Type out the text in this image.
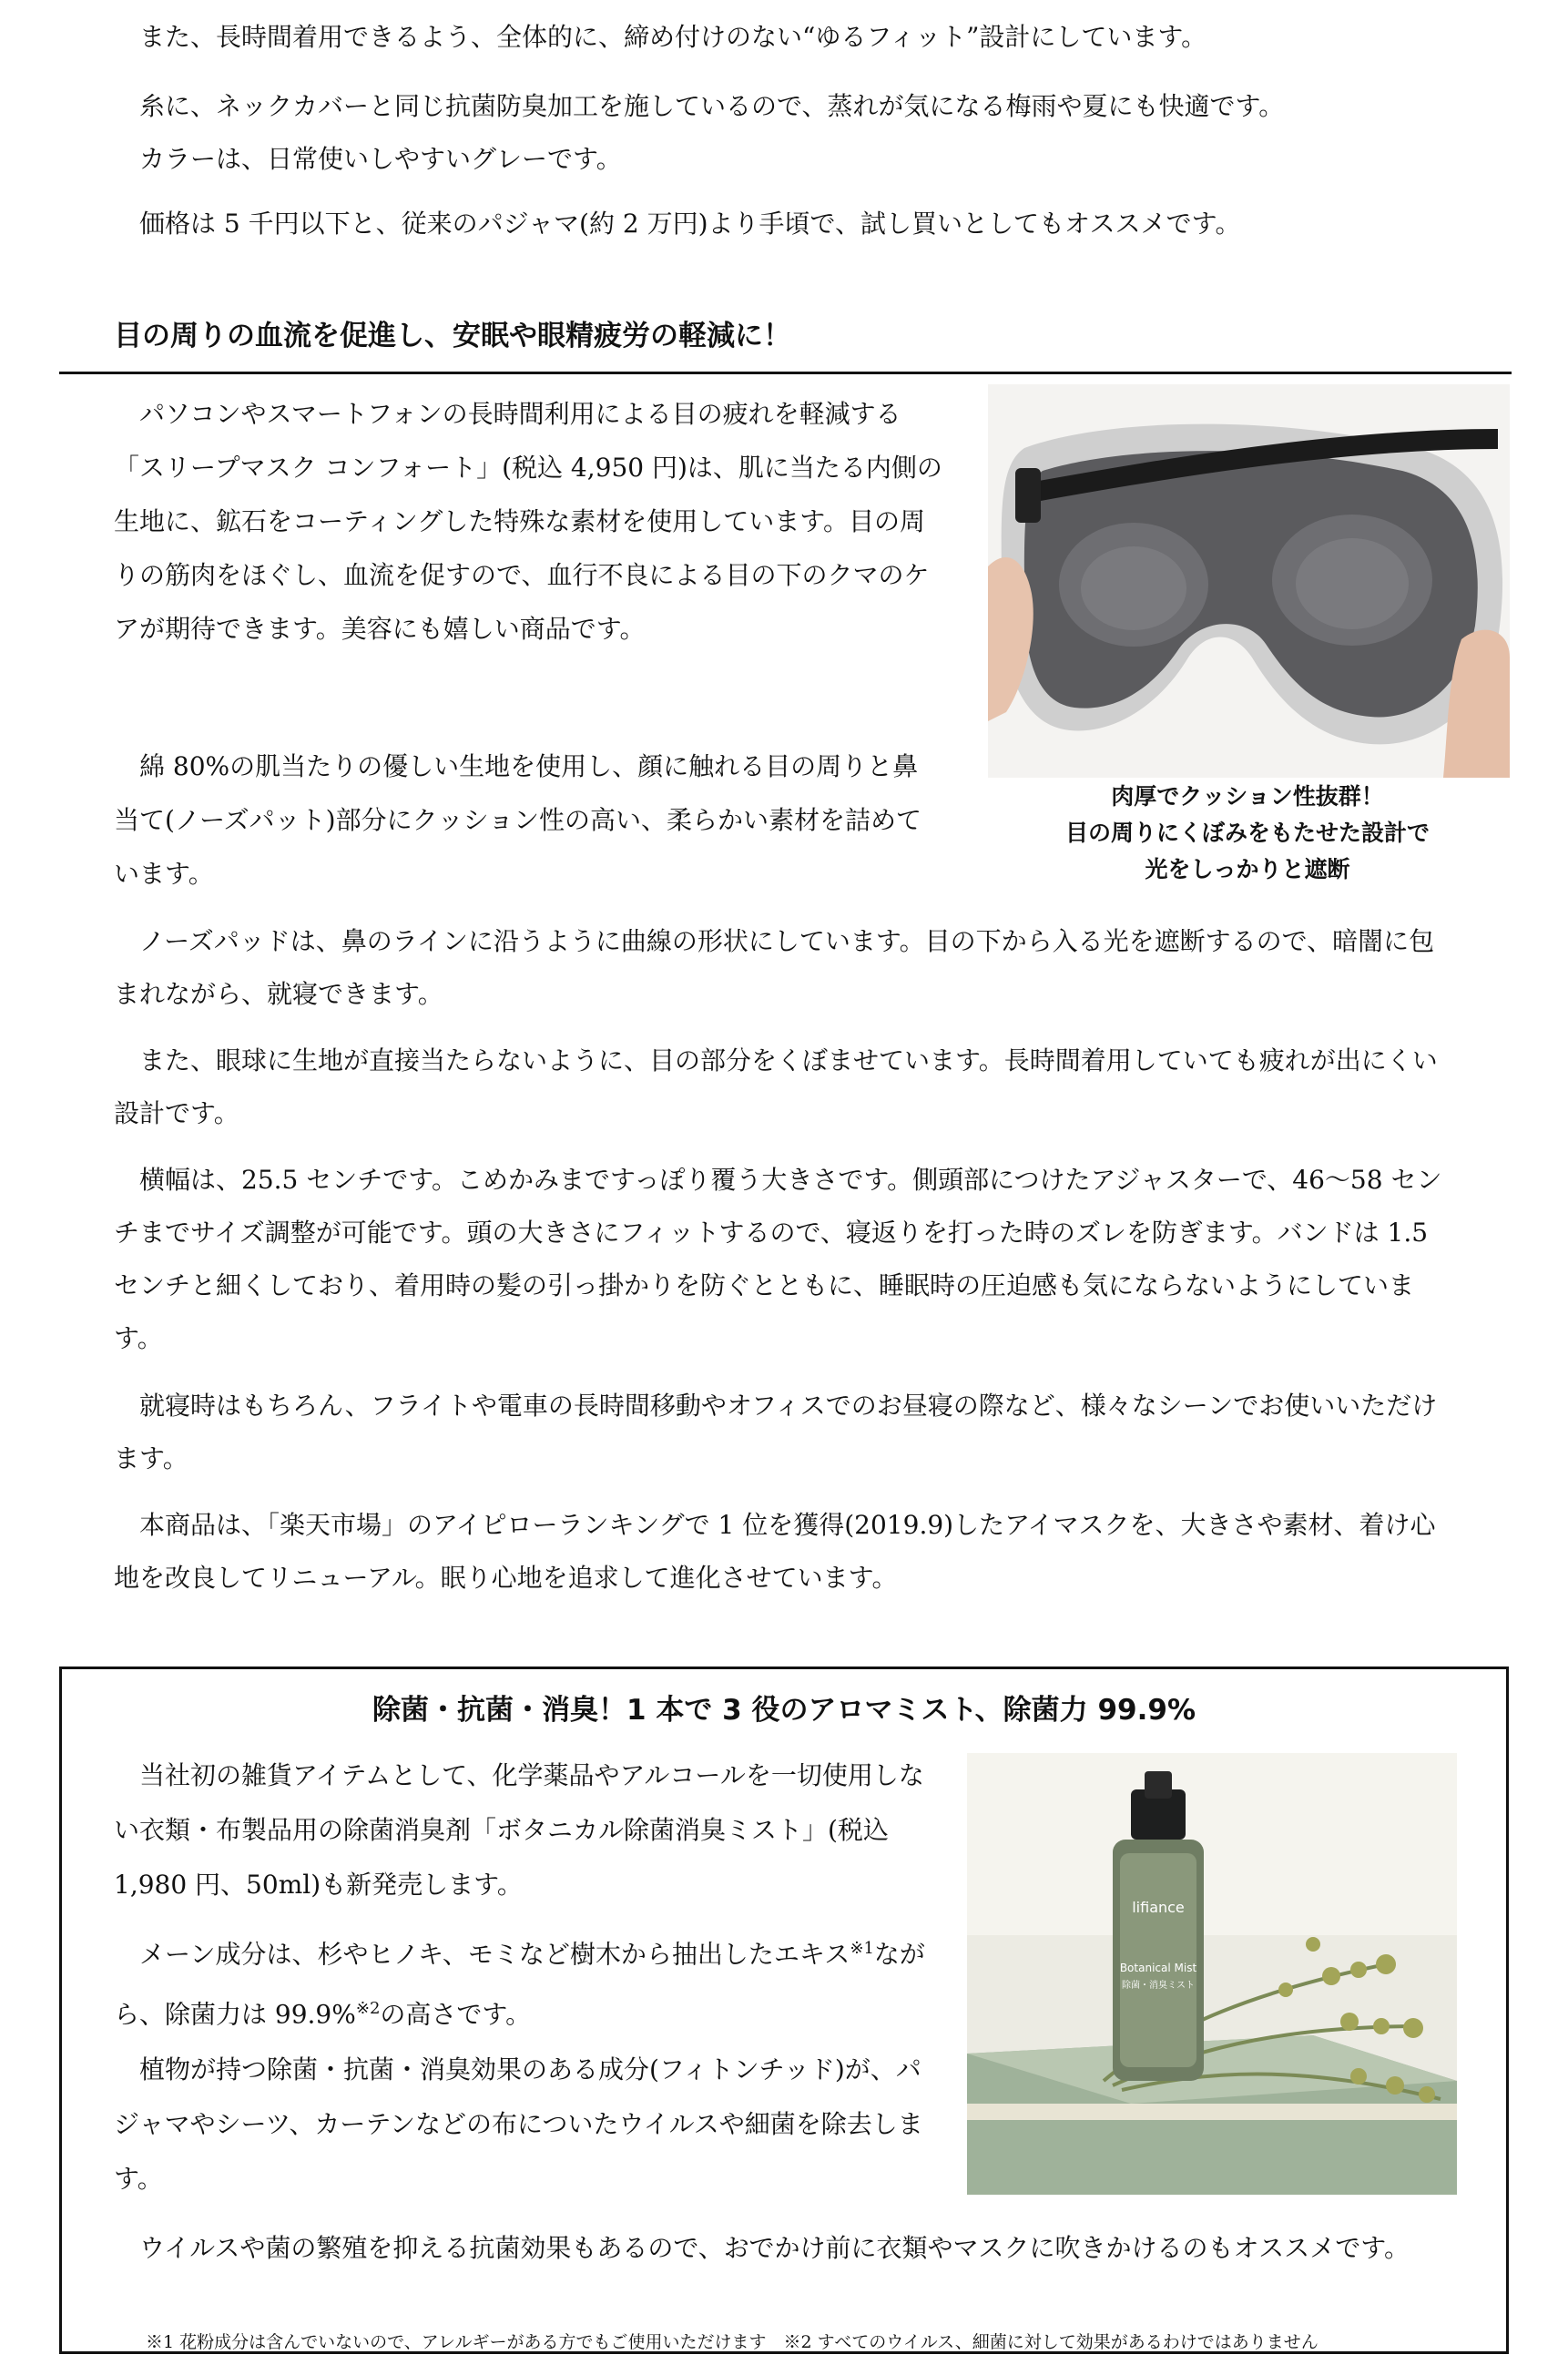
また、長時間着用できるよう、全体的に、締め付けのない“ゆるフィット”設計にしています。

糸に、ネックカバーと同じ抗菌防臭加工を施しているので、蒸れが気になる梅雨や夏にも快適です。

カラーは、日常使いしやすいグレーです。

価格は 5 千円以下と、従来のパジャマ(約 2 万円)より手頃で、試し買いとしてもオススメです。

目の周りの血流を促進し、安眠や眼精疲労の軽減に！

パソコンやスマートフォンの長時間利用による目の疲れを軽減する「スリープマスク コンフォート」(税込 4,950 円)は、肌に当たる内側の生地に、鉱石をコーティングした特殊な素材を使用しています。目の周りの筋肉をほぐし、血流を促すので、血行不良による目の下のクマのケアが期待できます。美容にも嬉しい商品です。

綿 80%の肌当たりの優しい生地を使用し、顔に触れる目の周りと鼻当て(ノーズパット)部分にクッション性の高い、柔らかい素材を詰めています。

肉厚でクッション性抜群！
目の周りにくぼみをもたせた設計で
光をしっかりと遮断

ノーズパッドは、鼻のラインに沿うように曲線の形状にしています。目の下から入る光を遮断するので、暗闇に包まれながら、就寝できます。

また、眼球に生地が直接当たらないように、目の部分をくぼませています。長時間着用していても疲れが出にくい設計です。

横幅は、25.5 センチです。こめかみまですっぽり覆う大きさです。側頭部につけたアジャスターで、46〜58 センチまでサイズ調整が可能です。頭の大きさにフィットするので、寝返りを打った時のズレを防ぎます。バンドは 1.5 センチと細くしており、着用時の髪の引っ掛かりを防ぐとともに、睡眠時の圧迫感も気にならないようにしています。

就寝時はもちろん、フライトや電車の長時間移動やオフィスでのお昼寝の際など、様々なシーンでお使いいただけます。

本商品は、「楽天市場」のアイピローランキングで 1 位を獲得(2019.9)したアイマスクを、大きさや素材、着け心地を改良してリニューアル。眠り心地を追求して進化させています。

除菌・抗菌・消臭！1 本で 3 役のアロマミスト、除菌力 99.9%

当社初の雑貨アイテムとして、化学薬品やアルコールを一切使用しない衣類・布製品用の除菌消臭剤「ボタニカル除菌消臭ミスト」(税込 1,980 円、50ml)も新発売します。

メーン成分は、杉やヒノキ、モミなど樹木から抽出したエキス$^{※1}$ながら、除菌力は 99.9%$^{※2}$の高さです。

植物が持つ除菌・抗菌・消臭効果のある成分(フィトンチッド)が、パジャマやシーツ、カーテンなどの布についたウイルスや細菌を除去します。

lifiance
Botanical Mist
除菌・消臭ミスト

ウイルスや菌の繁殖を抑える抗菌効果もあるので、おでかけ前に衣類やマスクに吹きかけるのもオススメです。

※1 花粉成分は含んでいないので、アレルギーがある方でもご使用いただけます　※2 すべてのウイルス、細菌に対して効果があるわけではありません
